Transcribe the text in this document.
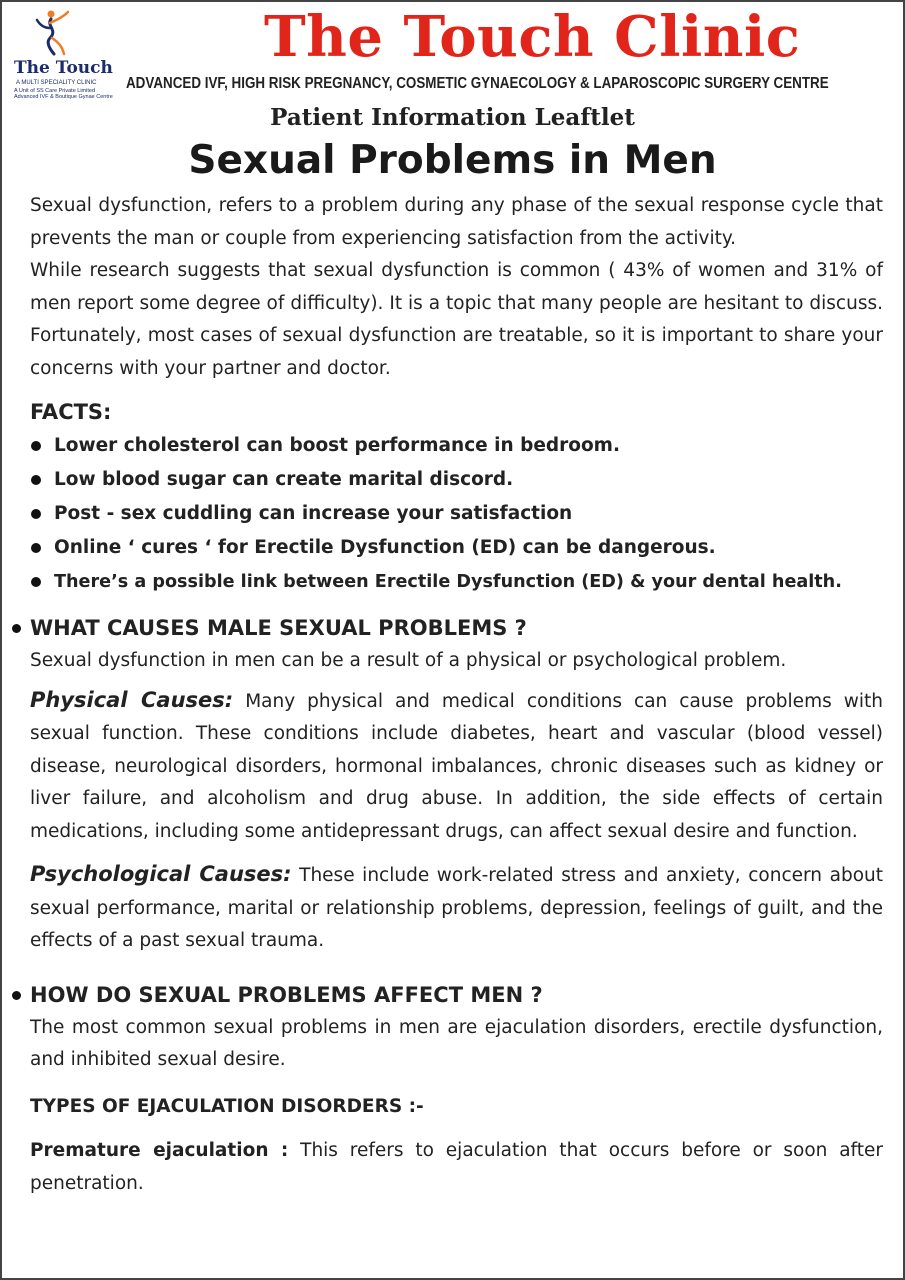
The Touch
A MULTI SPECIALITY CLINIC
A Unit of SS Care Private Limited
Advanced IVF & Boutique Gynae Centre
The Touch Clinic
ADVANCED IVF, HIGH RISK PREGNANCY, COSMETIC GYNAECOLOGY & LAPAROSCOPIC SURGERY CENTRE
Patient Information Leaftlet
Sexual Problems in Men

Sexual dysfunction, refers to a problem during any phase of the sexual response cycle that prevents the man or couple from experiencing satisfaction from the activity.

While research suggests that sexual dysfunction is common ( 43% of women and 31% of men report some degree of difficulty). It is a topic that many people are hesitant to discuss. Fortunately, most cases of sexual dysfunction are treatable, so it is important to share your concerns with your partner and doctor.

FACTS:
Lower cholesterol can boost performance in bedroom.
Low blood sugar can create marital discord.
Post - sex cuddling can increase your satisfaction
Online ‘ cures ‘ for Erectile Dysfunction (ED) can be dangerous.
There’s a possible link between Erectile Dysfunction (ED) & your dental health.
WHAT CAUSES MALE SEXUAL PROBLEMS ?

Sexual dysfunction in men can be a result of a physical or psychological problem.

Physical Causes: Many physical and medical conditions can cause problems with sexual function. These conditions include diabetes, heart and vascular (blood vessel) disease, neurological disorders, hormonal imbalances, chronic diseases such as kidney or liver failure, and alcoholism and drug abuse. In addition, the side effects of certain medications, including some antidepressant drugs, can affect sexual desire and function.

Psychological Causes: These include work-related stress and anxiety, concern about sexual performance, marital or relationship problems, depression, feelings of guilt, and the effects of a past sexual trauma.

HOW DO SEXUAL PROBLEMS AFFECT MEN ?

The most common sexual problems in men are ejaculation disorders, erectile dysfunction, and inhibited sexual desire.

TYPES OF EJACULATION DISORDERS :-

Premature ejaculation : This refers to ejaculation that occurs before or soon after penetration.
